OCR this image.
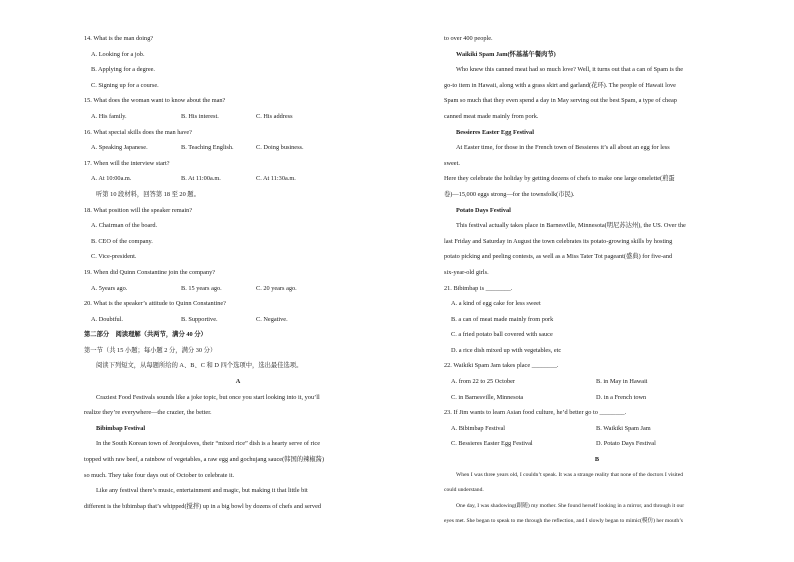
14. What is the man doing?
A. Looking for a job.
B. Applying for a degree.
C. Signing up for a course.
15. What does the woman want to know about the man?
A. His family.	B. His interest.	C. His address
16. What special skills does the man have?
A. Speaking Japanese.	B. Teaching English.	C. Doing business.
17. When will the interview start?
A. At 10:00a.m.	B. At 11:00a.m.	C. At 11:30a.m.
听第 10 段材料，回答第 18 至 20 题。
18. What position will the speaker remain?
A. Chairman of the board.
B. CEO of the company.
C. Vice-president.
19. When did Quinn Constantine join the company?
A. 5years ago.	B. 15 years ago.	C. 20 years ago.
20. What is the speaker’s attitude to Quinn Constantine?
A. Doubtful.	B. Supportive.	C. Negative.
第二部分　阅读理解（共两节，满分 40 分）
第一节（共 15 小题；每小题 2 分，满分 30 分）
阅读下列短文，从每题所给的 A、B、C 和 D 四个选项中，选出最佳选项。
A
Craziest Food Festivals sounds like a joke topic, but once you start looking into it, you’ll
realize they’re everywhere—the crazier, the better.
Bibimbap Festival
In the South Korean town of Jeonjuloves, their “mixed rice” dish is a hearty serve of rice
topped with raw beef, a rainbow of vegetables, a raw egg and gochujang sauce(韩国的辣椒酱)
so much. They take four days out of October to celebrate it.
Like any festival there’s music, entertainment and magic, but making it that little bit
different is the bibimbap that’s whipped(搅拌) up in a big bowl by dozens of chefs and served
to over 400 people.
Waikiki Spam Jam(怀基基午餐肉节)
Who knew this canned meat had so much love? Well, it turns out that a can of Spam is the
go-to item in Hawaii, along with a grass skirt and garland(花环). The people of Hawaii love
Spam so much that they even spend a day in May serving out the best Spam, a type of cheap
canned meat made mainly from pork.
Bessieres Easter Egg Festival
At Easter time, for those in the French town of Bessieres it’s all about an egg for less
sweet.
Here they celebrate the holiday by getting dozens of chefs to make one large omelette(煎蛋
卷)—15,000 eggs strong—for the townsfolk(市民).
Potato Days Festival
This festival actually takes place in Barnesville, Minnesota(明尼苏达州), the US. Over the
last Friday and Saturday in August the town celebrates its potato-growing skills by hosting
potato picking and peeling contests, as well as a Miss Tater Tot pageant(盛典) for five-and
six-year-old girls.
21. Bibimbap is ________.
A. a kind of egg cake for less sweet
B. a can of meat made mainly from pork
C. a fried potato ball covered with sauce
D. a rice dish mixed up with vegetables, etc
22. Waikiki Spam Jam takes place ________.
A. from 22 to 25 October	B. in May in Hawaii
C. in Barnesville, Minnesota	D. in a French town
23. If Jim wants to learn Asian food culture, he’d better go to ________.
A. Bibimbap Festival	B. Waikiki Spam Jam
C. Bessieres Easter Egg Festival	D. Potato Days Festival
B
When I was three years old, I couldn’t speak. It was a strange reality that none of the doctors I visited
could understand.
One day, I was shadowing(跟随) my mother. She found herself looking in a mirror, and through it our
eyes met. She began to speak to me through the reflection, and I slowly began to mimic(模仿) her mouth’s
